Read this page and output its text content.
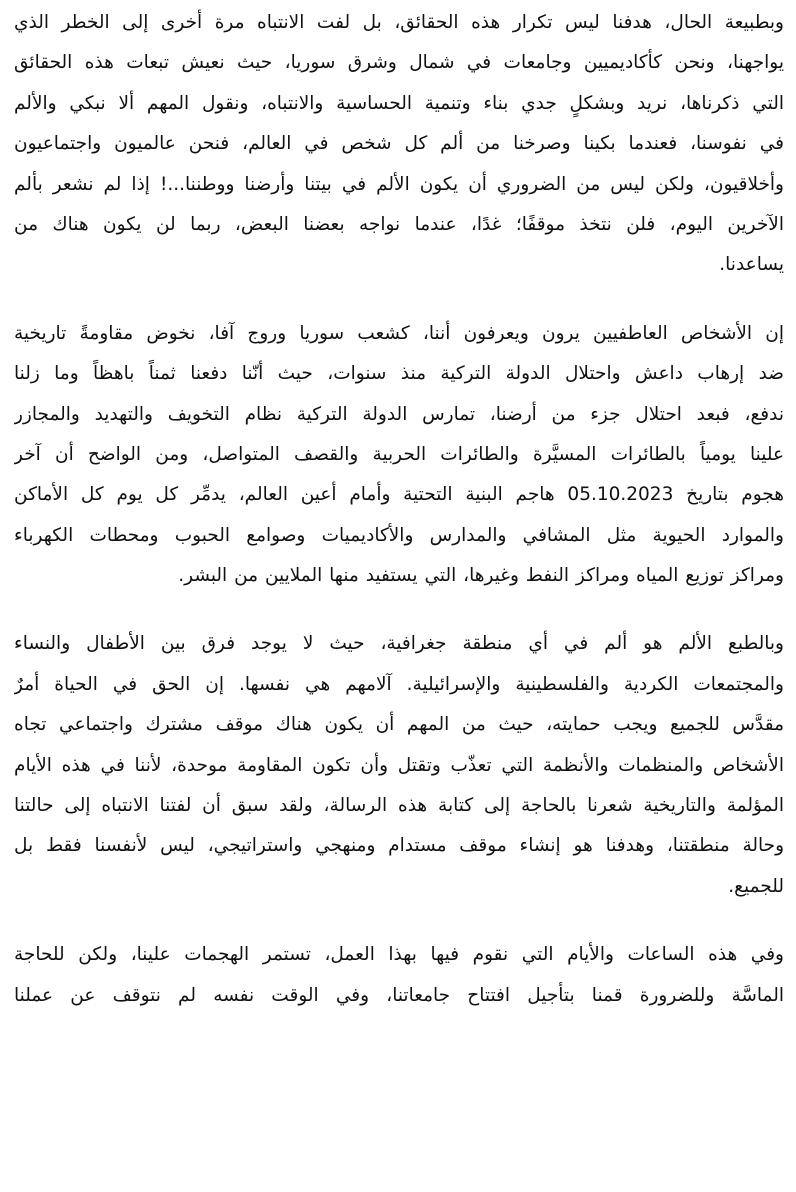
وبطبيعة الحال، هدفنا ليس تكرار هذه الحقائق، بل لفت الانتباه مرة أخرى إلى الخطر الذي
يواجهنا، ونحن كأكاديميين وجامعات في شمال وشرق سوريا، حيث نعيش تبعات هذه الحقائق
التي ذكرناها، نريد وبشكلٍ جدي بناء وتنمية الحساسية والانتباه، ونقول المهم ألا نبكي والألم
في نفوسنا، فعندما بكينا وصرخنا من ألم كل شخص في العالم، فنحن عالميون واجتماعيون
وأخلاقيون، ولكن ليس من الضروري أن يكون الألم في بيتنا وأرضنا ووطننا...! إذا لم نشعر بألم
الآخرين اليوم، فلن نتخذ موقفًا؛ غدًا، عندما نواجه بعضنا البعض، ربما لن يكون هناك من
يساعدنا.
إن الأشخاص العاطفيين يرون ويعرفون أننا، كشعب سوريا وروج آفا، نخوض مقاومةً تاريخية
ضد إرهاب داعش واحتلال الدولة التركية منذ سنوات، حيث أنّنا دفعنا ثمناً باهظاً وما زلنا
ندفع، فبعد احتلال جزء من أرضنا، تمارس الدولة التركية نظام التخويف والتهديد والمجازر
علينا يومياً بالطائرات المسيَّرة والطائرات الحربية والقصف المتواصل، ومن الواضح أن آخر
هجوم بتاريخ 05.10.2023 هاجم البنية التحتية وأمام أعين العالم، يدمِّر كل يوم كل الأماكن
والموارد الحيوية مثل المشافي والمدارس والأكاديميات وصوامع الحبوب ومحطات الكهرباء
ومراكز توزيع المياه ومراكز النفط وغيرها، التي يستفيد منها الملايين من البشر.
وبالطبع الألم هو ألم في أي منطقة جغرافية، حيث لا يوجد فرق بين الأطفال والنساء
والمجتمعات الكردية والفلسطينية والإسرائيلية. آلامهم هي نفسها. إن الحق في الحياة أمرٌ
مقدَّس للجميع ويجب حمايته، حيث من المهم أن يكون هناك موقف مشترك واجتماعي تجاه
الأشخاص والمنظمات والأنظمة التي تعذّب وتقتل وأن تكون المقاومة موحدة، لأننا في هذه الأيام
المؤلمة والتاريخية شعرنا بالحاجة إلى كتابة هذه الرسالة، ولقد سبق أن لفتنا الانتباه إلى حالتنا
وحالة منطقتنا، وهدفنا هو إنشاء موقف مستدام ومنهجي واستراتيجي، ليس لأنفسنا فقط بل
للجميع.
وفي هذه الساعات والأيام التي نقوم فيها بهذا العمل، تستمر الهجمات علينا، ولكن للحاجة
الماسَّة وللضرورة قمنا بتأجيل افتتاح جامعاتنا، وفي الوقت نفسه لم نتوقف عن عملنا
